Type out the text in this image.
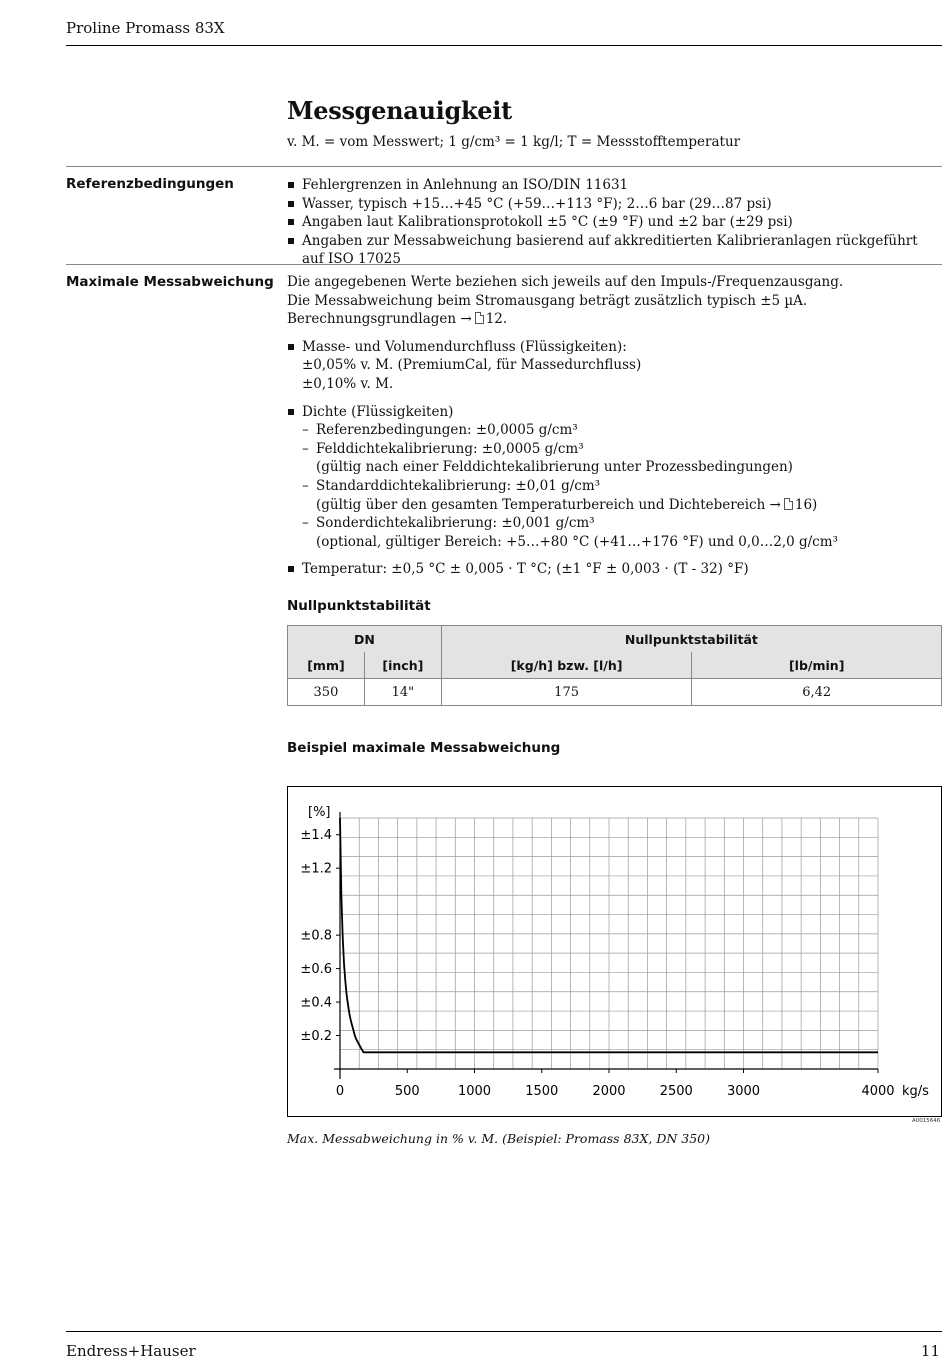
Proline Promass 83X
Messgenauigkeit
v. M. = vom Messwert; 1 g/cm³ = 1 kg/l; T = Messstofftemperatur
Referenzbedingungen	Fehlergrenzen in Anlehnung an ISO/DIN 11631
Wasser, typisch +15…+45 °C (+59…+113 °F); 2…6 bar (29…87 psi)
Angaben laut Kalibrationsprotokoll ±5 °C (±9 °F) und ±2 bar (±29 psi)
Angaben zur Messabweichung basierend auf akkreditierten Kalibrieranlagen rückgeführt auf ISO 17025
Maximale Messabweichung Die angegebenen Werte beziehen sich jeweils auf den Impuls-/Frequenzausgang.

Die Messabweichung beim Stromausgang beträgt zusätzlich typisch ±5 µA.

Berechnungsgrundlagen → 12.

Masse- und Volumendurchfluss (Flüssigkeiten):
±0,05% v. M. (PremiumCal, für Massedurchfluss)
±0,10% v. M.
Dichte (Flüssigkeiten)
– Referenzbedingungen: ±0,0005 g/cm³
– Felddichtekalibrierung: ±0,0005 g/cm³
(gültig nach einer Felddichtekalibrierung unter Prozessbedingungen)
– Standarddichtekalibrierung: ±0,01 g/cm³
(gültig über den gesamten Temperaturbereich und Dichtebereich → 16)
– Sonderdichtekalibrierung: ±0,001 g/cm³
(optional, gültiger Bereich: +5…+80 °C (+41…+176 °F) und 0,0…2,0 g/cm³
Temperatur: ±0,5 °C ± 0,005 · T °C; (±1 °F ± 0,003 · (T - 32) °F)
Nullpunktstabilität
DN		Nullpunktstabilität	
[mm]	[inch]	[kg/h] bzw. [l/h]	[lb/min]
350	14"	175	6,42
Beispiel maximale Messabweichung
±0.2
±0.4
±0.6
±0.8
±1.2
±1.4
[%]
0	500	1000	1500	2000	2500	3000	4000 kg/s
A0015646
Max. Messabweichung in % v. M. (Beispiel: Promass 83X, DN 350)
Endress+Hauser	11
